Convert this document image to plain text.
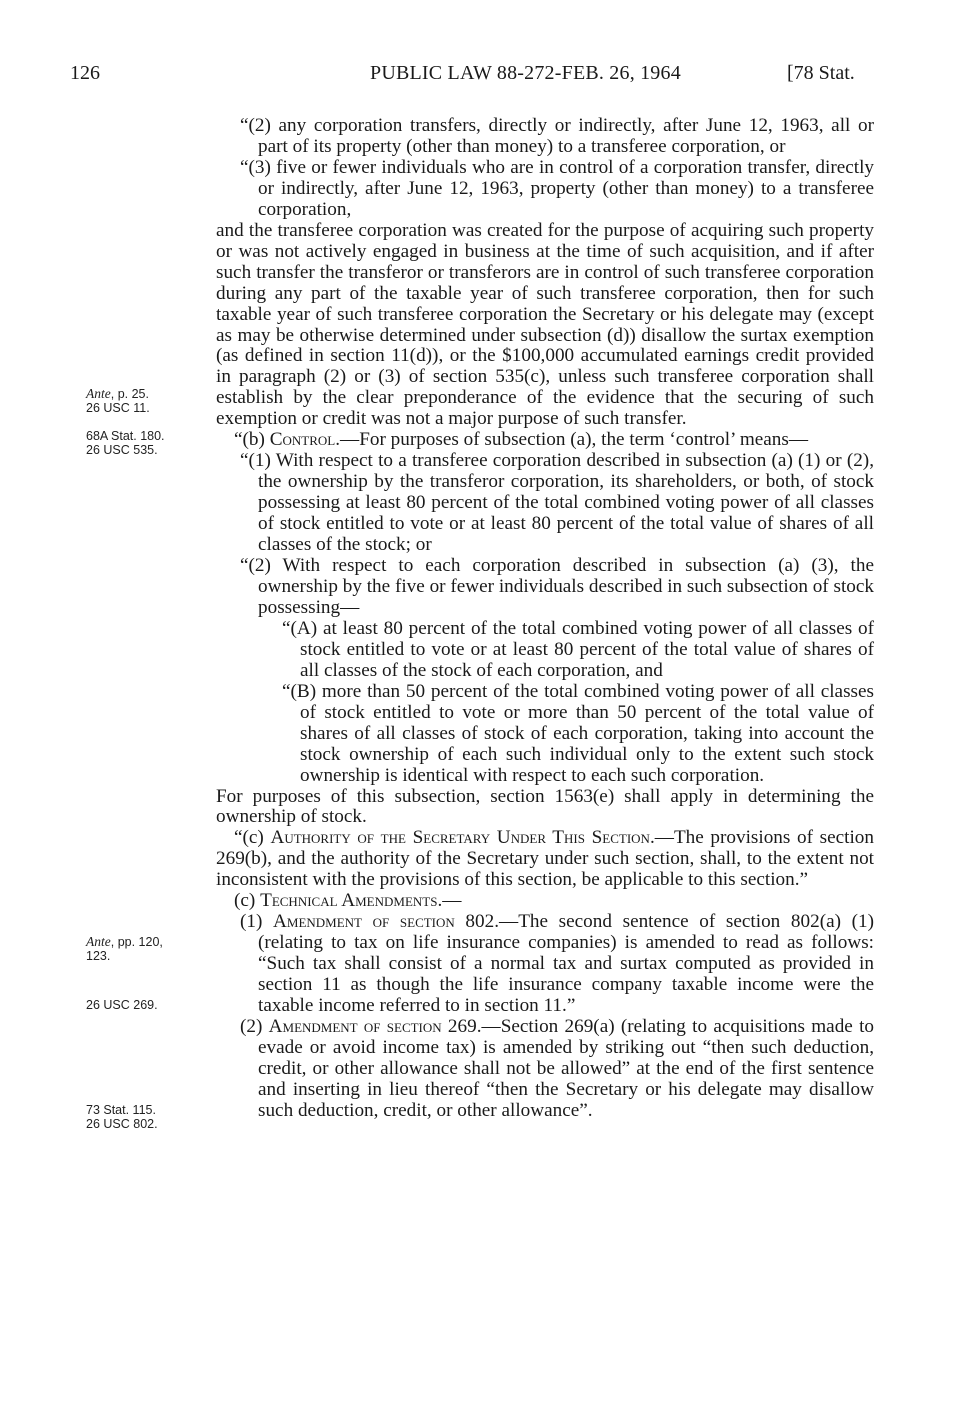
126	PUBLIC LAW 88-272-FEB. 26, 1964	[78 Stat.
Ante, p. 25.
26 USC 11.
68A Stat. 180.
26 USC 535.
Ante, pp. 120,
123.
26 USC 269.
73 Stat. 115.
26 USC 802.

“(2) any corporation transfers, directly or indirectly, after June 12, 1963, all or part of its property (other than money) to a transferee corporation, or

“(3) five or fewer individuals who are in control of a corporation transfer, directly or indirectly, after June 12, 1963, property (other than money) to a transferee corporation,

and the transferee corporation was created for the purpose of acquiring such property or was not actively engaged in business at the time of such acquisition, and if after such transfer the transferor or transferors are in control of such transferee corporation during any part of the taxable year of such transferee corporation, then for such taxable year of such transferee corporation the Secretary or his delegate may (except as may be otherwise determined under subsection (d)) disallow the surtax exemption (as defined in section 11(d)), or the $100,000 accumulated earnings credit provided in paragraph (2) or (3) of section 535(c), unless such transferee corporation shall establish by the clear preponderance of the evidence that the securing of such exemption or credit was not a major purpose of such transfer.

“(b) Control.—For purposes of subsection (a), the term ‘control’ means—

“(1) With respect to a transferee corporation described in subsection (a) (1) or (2), the ownership by the transferor corporation, its shareholders, or both, of stock possessing at least 80 percent of the total combined voting power of all classes of stock entitled to vote or at least 80 percent of the total value of shares of all classes of the stock; or

“(2) With respect to each corporation described in subsection (a) (3), the ownership by the five or fewer individuals described in such subsection of stock possessing—

“(A) at least 80 percent of the total combined voting power of all classes of stock entitled to vote or at least 80 percent of the total value of shares of all classes of the stock of each corporation, and

“(B) more than 50 percent of the total combined voting power of all classes of stock entitled to vote or more than 50 percent of the total value of shares of all classes of stock of each corporation, taking into account the stock ownership of each such individual only to the extent such stock ownership is identical with respect to each such corporation.

For purposes of this subsection, section 1563(e) shall apply in determining the ownership of stock.

“(c) Authority of the Secretary Under This Section.—The provisions of section 269(b), and the authority of the Secretary under such section, shall, to the extent not inconsistent with the provisions of this section, be applicable to this section.”

(c) Technical Amendments.—

(1) Amendment of section 802.—The second sentence of section 802(a) (1) (relating to tax on life insurance companies) is amended to read as follows: “Such tax shall consist of a normal tax and surtax computed as provided in section 11 as though the life insurance company taxable income were the taxable income referred to in section 11.”

(2) Amendment of section 269.—Section 269(a) (relating to acquisitions made to evade or avoid income tax) is amended by striking out “then such deduction, credit, or other allowance shall not be allowed” at the end of the first sentence and inserting in lieu thereof “then the Secretary or his delegate may disallow such deduction, credit, or other allowance”.
